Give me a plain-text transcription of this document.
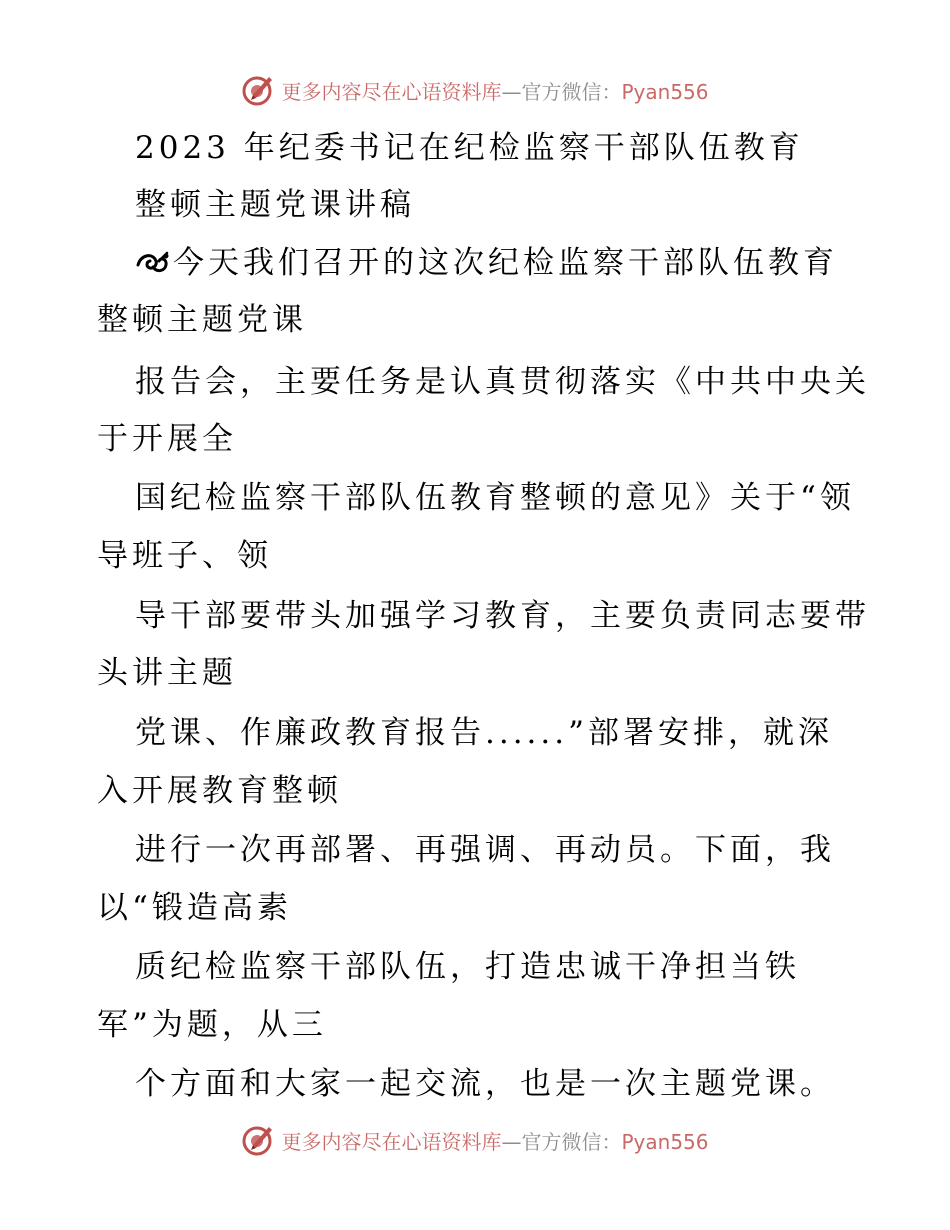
更多内容尽在心语资料库—官方微信：Pyan556
2023 年纪委书记在纪检监察干部队伍教育
整顿主题党课讲稿
今天我们召开的这次纪检监察干部队伍教育
整顿主题党课
报告会，主要任务是认真贯彻落实《中共中央关
于开展全
国纪检监察干部队伍教育整顿的意见》关于“领
导班子、领
导干部要带头加强学习教育，主要负责同志要带
头讲主题
党课、作廉政教育报告......”部署安排，就深
入开展教育整顿
进行一次再部署、再强调、再动员。下面，我
以“锻造高素
质纪检监察干部队伍，打造忠诚干净担当铁
军”为题，从三
个方面和大家一起交流，也是一次主题党课。
更多内容尽在心语资料库—官方微信：Pyan556
